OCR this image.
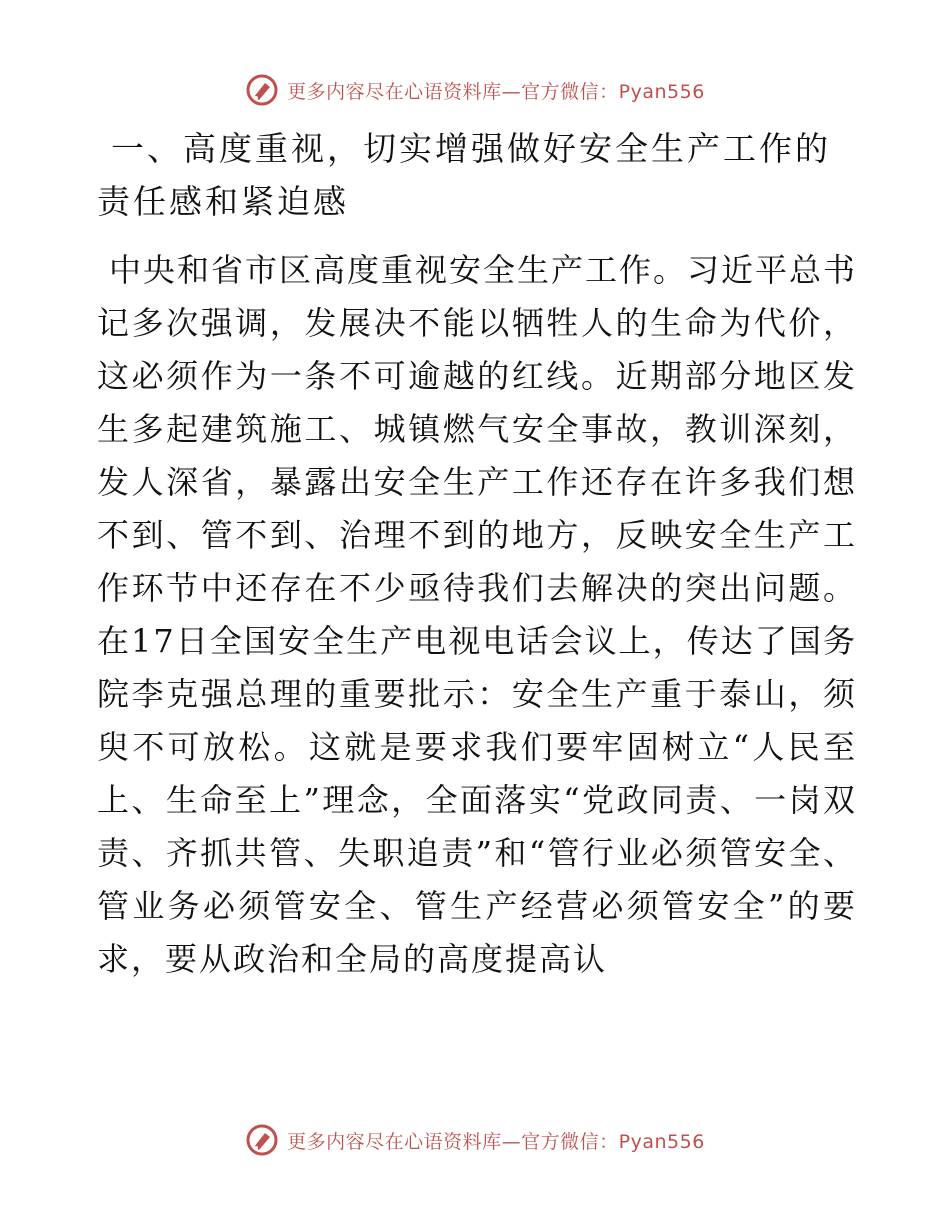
更多内容尽在心语资料库—官方微信：Pyan556
一、高度重视，切实增强做好安全生产工作的责任感和紧迫感

中央和省市区高度重视安全生产工作。习近平总书记多次强调，发展决不能以牺牲人的生命为代价，这必须作为一条不可逾越的红线。近期部分地区发生多起建筑施工、城镇燃气安全事故，教训深刻，发人深省，暴露出安全生产工作还存在许多我们想不到、管不到、治理不到的地方，反映安全生产工作环节中还存在不少亟待我们去解决的突出问题。在17日全国安全生产电视电话会议上，传达了国务院李克强总理的重要批示：安全生产重于泰山，须臾不可放松。这就是要求我们要牢固树立“人民至上、生命至上”理念，全面落实“党政同责、一岗双责、齐抓共管、失职追责”和“管行业必须管安全、管业务必须管安全、管生产经营必须管安全”的要求，要从政治和全局的高度提高认

更多内容尽在心语资料库—官方微信：Pyan556
